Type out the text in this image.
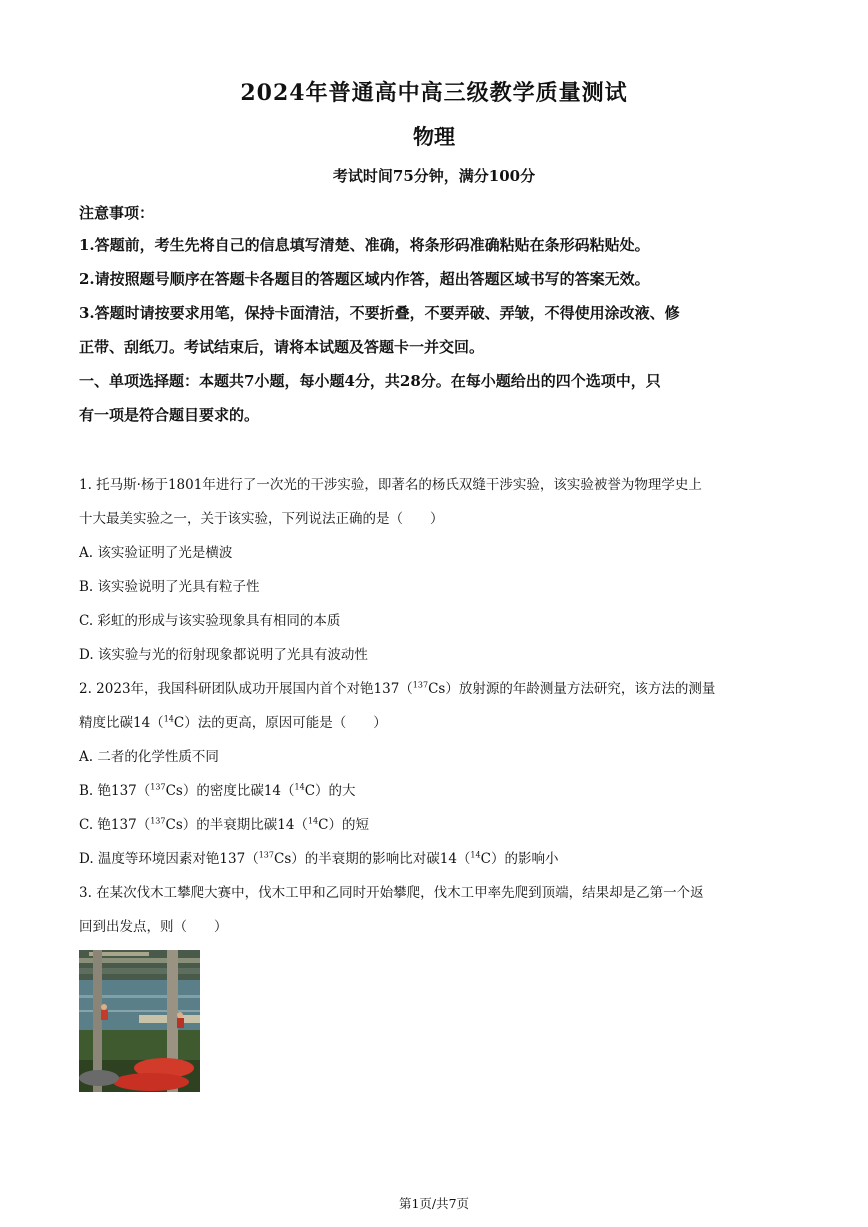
2024年普通高中高三级教学质量测试
物理
考试时间75分钟，满分100分
注意事项：
1.答题前，考生先将自己的信息填写清楚、准确，将条形码准确粘贴在条形码粘贴处。
2.请按照题号顺序在答题卡各题目的答题区域内作答，超出答题区域书写的答案无效。
3.答题时请按要求用笔，保持卡面清洁，不要折叠，不要弄破、弄皱，不得使用涂改液、修
正带、刮纸刀。考试结束后，请将本试题及答题卡一并交回。
一、单项选择题：本题共7小题，每小题4分，共28分。在每小题给出的四个选项中，只
有一项是符合题目要求的。
1. 托马斯·杨于1801年进行了一次光的干涉实验，即著名的杨氏双缝干涉实验，该实验被誉为物理学史上
十大最美实验之一，关于该实验，下列说法正确的是（　　）
A. 该实验证明了光是横波
B. 该实验说明了光具有粒子性
C. 彩虹的形成与该实验现象具有相同的本质
D. 该实验与光的衍射现象都说明了光具有波动性
2. 2023年，我国科研团队成功开展国内首个对铯137（$^{137}$Cs）放射源的年龄测量方法研究，该方法的测量
精度比碳14（$^{14}$C）法的更高，原因可能是（　　）
A. 二者的化学性质不同
B. 铯137（$^{137}$Cs）的密度比碳14（$^{14}$C）的大
C. 铯137（$^{137}$Cs）的半衰期比碳14（$^{14}$C）的短
D. 温度等环境因素对铯137（$^{137}$Cs）的半衰期的影响比对碳14（$^{14}$C）的影响小
3. 在某次伐木工攀爬大赛中，伐木工甲和乙同时开始攀爬，伐木工甲率先爬到顶端，结果却是乙第一个返
回到出发点，则（　　）
第1页/共7页
